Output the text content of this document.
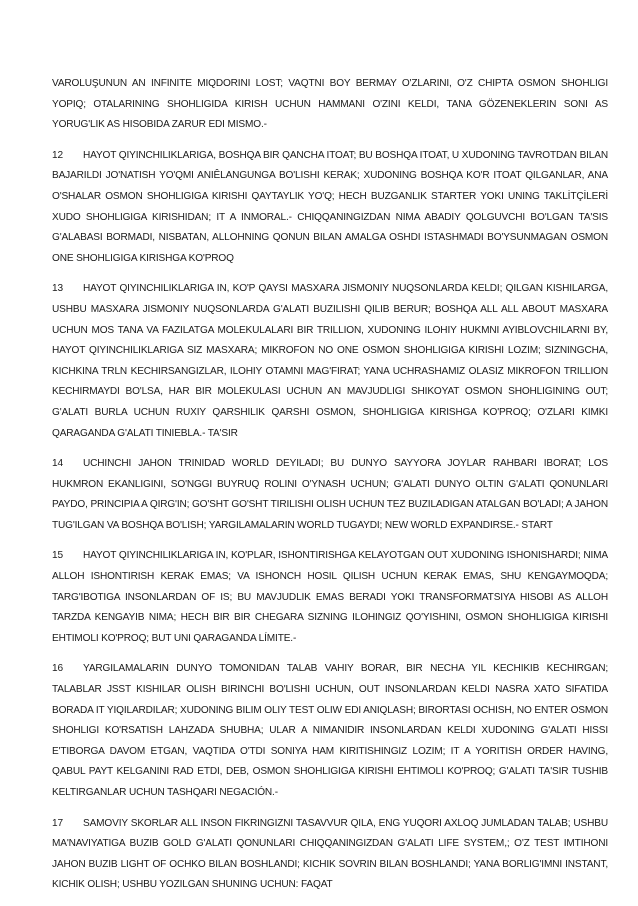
VAROLUŞUNUN AN INFINITE MIQDORINI LOST; VAQTNI BOY BERMAY O'ZLARINI, O'Z CHIPTA OSMON SHOHLIGI YOPIQ; OTALARINING SHOHLIGIDA KIRISH UCHUN HAMMANI O'ZINI KELDI, TANA GÖZENEKLERIN SONI AS YORUG'LIK AS HISOBIDA ZARUR EDI MISMO.-

12 HAYOT QIYINCHILIKLARIGA, BOSHQA BIR QANCHA ITOAT; BU BOSHQA ITOAT, U XUDONING TAVROTDAN BILAN BAJARILDI JO'NATISH YO'QMI ANIÊLANGUNGA BO'LISHI KERAK; XUDONING BOSHQA KO'R ITOAT QILGANLAR, ANA O'SHALAR OSMON SHOHLIGIGA KIRISHI QAYTAYLIK YO'Q; HECH BUZGANLIK STARTER YOKI UNING TAKLİTÇİLERİ XUDO SHOHLIGIGA KIRISHIDAN; IT A INMORAL.- CHIQQANINGIZDAN NIMA ABADIY QOLGUVCHI BO'LGAN TA'SIS G'ALABASI BORMADI, NISBATAN, ALLOHNING QONUN BILAN AMALGA OSHDI ISTASHMADI BO'YSUNMAGAN OSMON ONE SHOHLIGIGA KIRISHGA KO'PROQ

13 HAYOT QIYINCHILIKLARIGA IN, KO'P QAYSI MASXARA JISMONIY NUQSONLARDA KELDI; QILGAN KISHILARGA, USHBU MASXARA JISMONIY NUQSONLARDA G'ALATI BUZILISHI QILIB BERUR; BOSHQA ALL ALL ABOUT MASXARA UCHUN MOS TANA VA FAZILATGA MOLEKULALARI BIR TRILLION, XUDONING ILOHIY HUKMNI AYIBLOVCHILARNI BY, HAYOT QIYINCHILIKLARIGA SIZ MASXARA; MIKROFON NO ONE OSMON SHOHLIGIGA KIRISHI LOZIM; SIZNINGCHA, KICHKINA TRLN KECHIRSANGIZLAR, ILOHIY OTAMNI MAG'FIRAT; YANA UCHRASHAMIZ OLASIZ MIKROFON TRILLION KECHIRMAYDI BO'LSA, HAR BIR MOLEKULASI UCHUN AN MAVJUDLIGI SHIKOYAT OSMON SHOHLIGINING OUT; G'ALATI BURLA UCHUN RUXIY QARSHILIK QARSHI OSMON, SHOHLIGIGA KIRISHGA KO'PROQ; O'ZLARI KIMKI QARAGANDA G'ALATI TINIEBLA.- TA'SIR

14 UCHINCHI JAHON TRINIDAD WORLD DEYILADI; BU DUNYO SAYYORA JOYLAR RAHBARI IBORAT; LOS HUKMRON EKANLIGINI, SO'NGGI BUYRUQ ROLINI O'YNASH UCHUN; G'ALATI DUNYO OLTIN G'ALATI QONUNLARI PAYDO, PRINCIPIA A QIRG'IN; GO'SHT GO'SHT TIRILISHI OLISH UCHUN TEZ BUZILADIGAN ATALGAN BO'LADI; A JAHON TUG'ILGAN VA BOSHQA BO'LISH; YARGILAMALARIN WORLD TUGAYDI; NEW WORLD EXPANDIRSE.- START

15 HAYOT QIYINCHILIKLARIGA IN, KO'PLAR, ISHONTIRISHGA KELAYOTGAN OUT XUDONING ISHONISHARDI; NIMA ALLOH ISHONTIRISH KERAK EMAS; VA ISHONCH HOSIL QILISH UCHUN KERAK EMAS, SHU KENGAYMOQDA; TARG'IBOTIGA INSONLARDAN OF IS; BU MAVJUDLIK EMAS BERADI YOKI TRANSFORMATSIYA HISOBI AS ALLOH TARZDA KENGAYIB NIMA; HECH BIR BIR CHEGARA SIZNING ILOHINGIZ QO'YISHINI, OSMON SHOHLIGIGA KIRISHI EHTIMOLI KO'PROQ; BUT UNI QARAGANDA LÍMITE.-

16 YARGILAMALARIN DUNYO TOMONIDAN TALAB VAHIY BORAR, BIR NECHA YIL KECHIKIB KECHIRGAN; TALABLAR JSST KISHILAR OLISH BIRINCHI BO'LISHI UCHUN, OUT INSONLARDAN KELDI NASRA XATO SIFATIDA BORADA IT YIQILARDILAR; XUDONING BILIM OLIY TEST OLIW EDI ANIQLASH; BIRORTASI OCHISH, NO ENTER OSMON SHOHLIGI KO'RSATISH LAHZADA SHUBHA; ULAR A NIMANIDIR INSONLARDAN KELDI XUDONING G'ALATI HISSI E'TIBORGA DAVOM ETGAN, VAQTIDA O'TDI SONIYA HAM KIRITISHINGIZ LOZIM; IT A YORITISH ORDER HAVING, QABUL PAYT KELGANINI RAD ETDI, DEB, OSMON SHOHLIGIGA KIRISHI EHTIMOLI KO'PROQ; G'ALATI TA'SIR TUSHIB KELTIRGANLAR UCHUN TASHQARI NEGACIÓN.-

17 SAMOVIY SKORLAR ALL INSON FIKRINGIZNI TASAVVUR QILA, ENG YUQORI AXLOQ JUMLADAN TALAB; USHBU MA'NAVIYATIGA BUZIB GOLD G'ALATI QONUNLARI CHIQQANINGIZDAN G'ALATI LIFE SYSTEM,; O'Z TEST IMTIHONI JAHON BUZIB LIGHT OF OCHKO BILAN BOSHLANDI; KICHIK SOVRIN BILAN BOSHLANDI; YANA BORLIG'IMNI INSTANT, KICHIK OLISH; USHBU YOZILGAN SHUNING UCHUN: FAQAT
